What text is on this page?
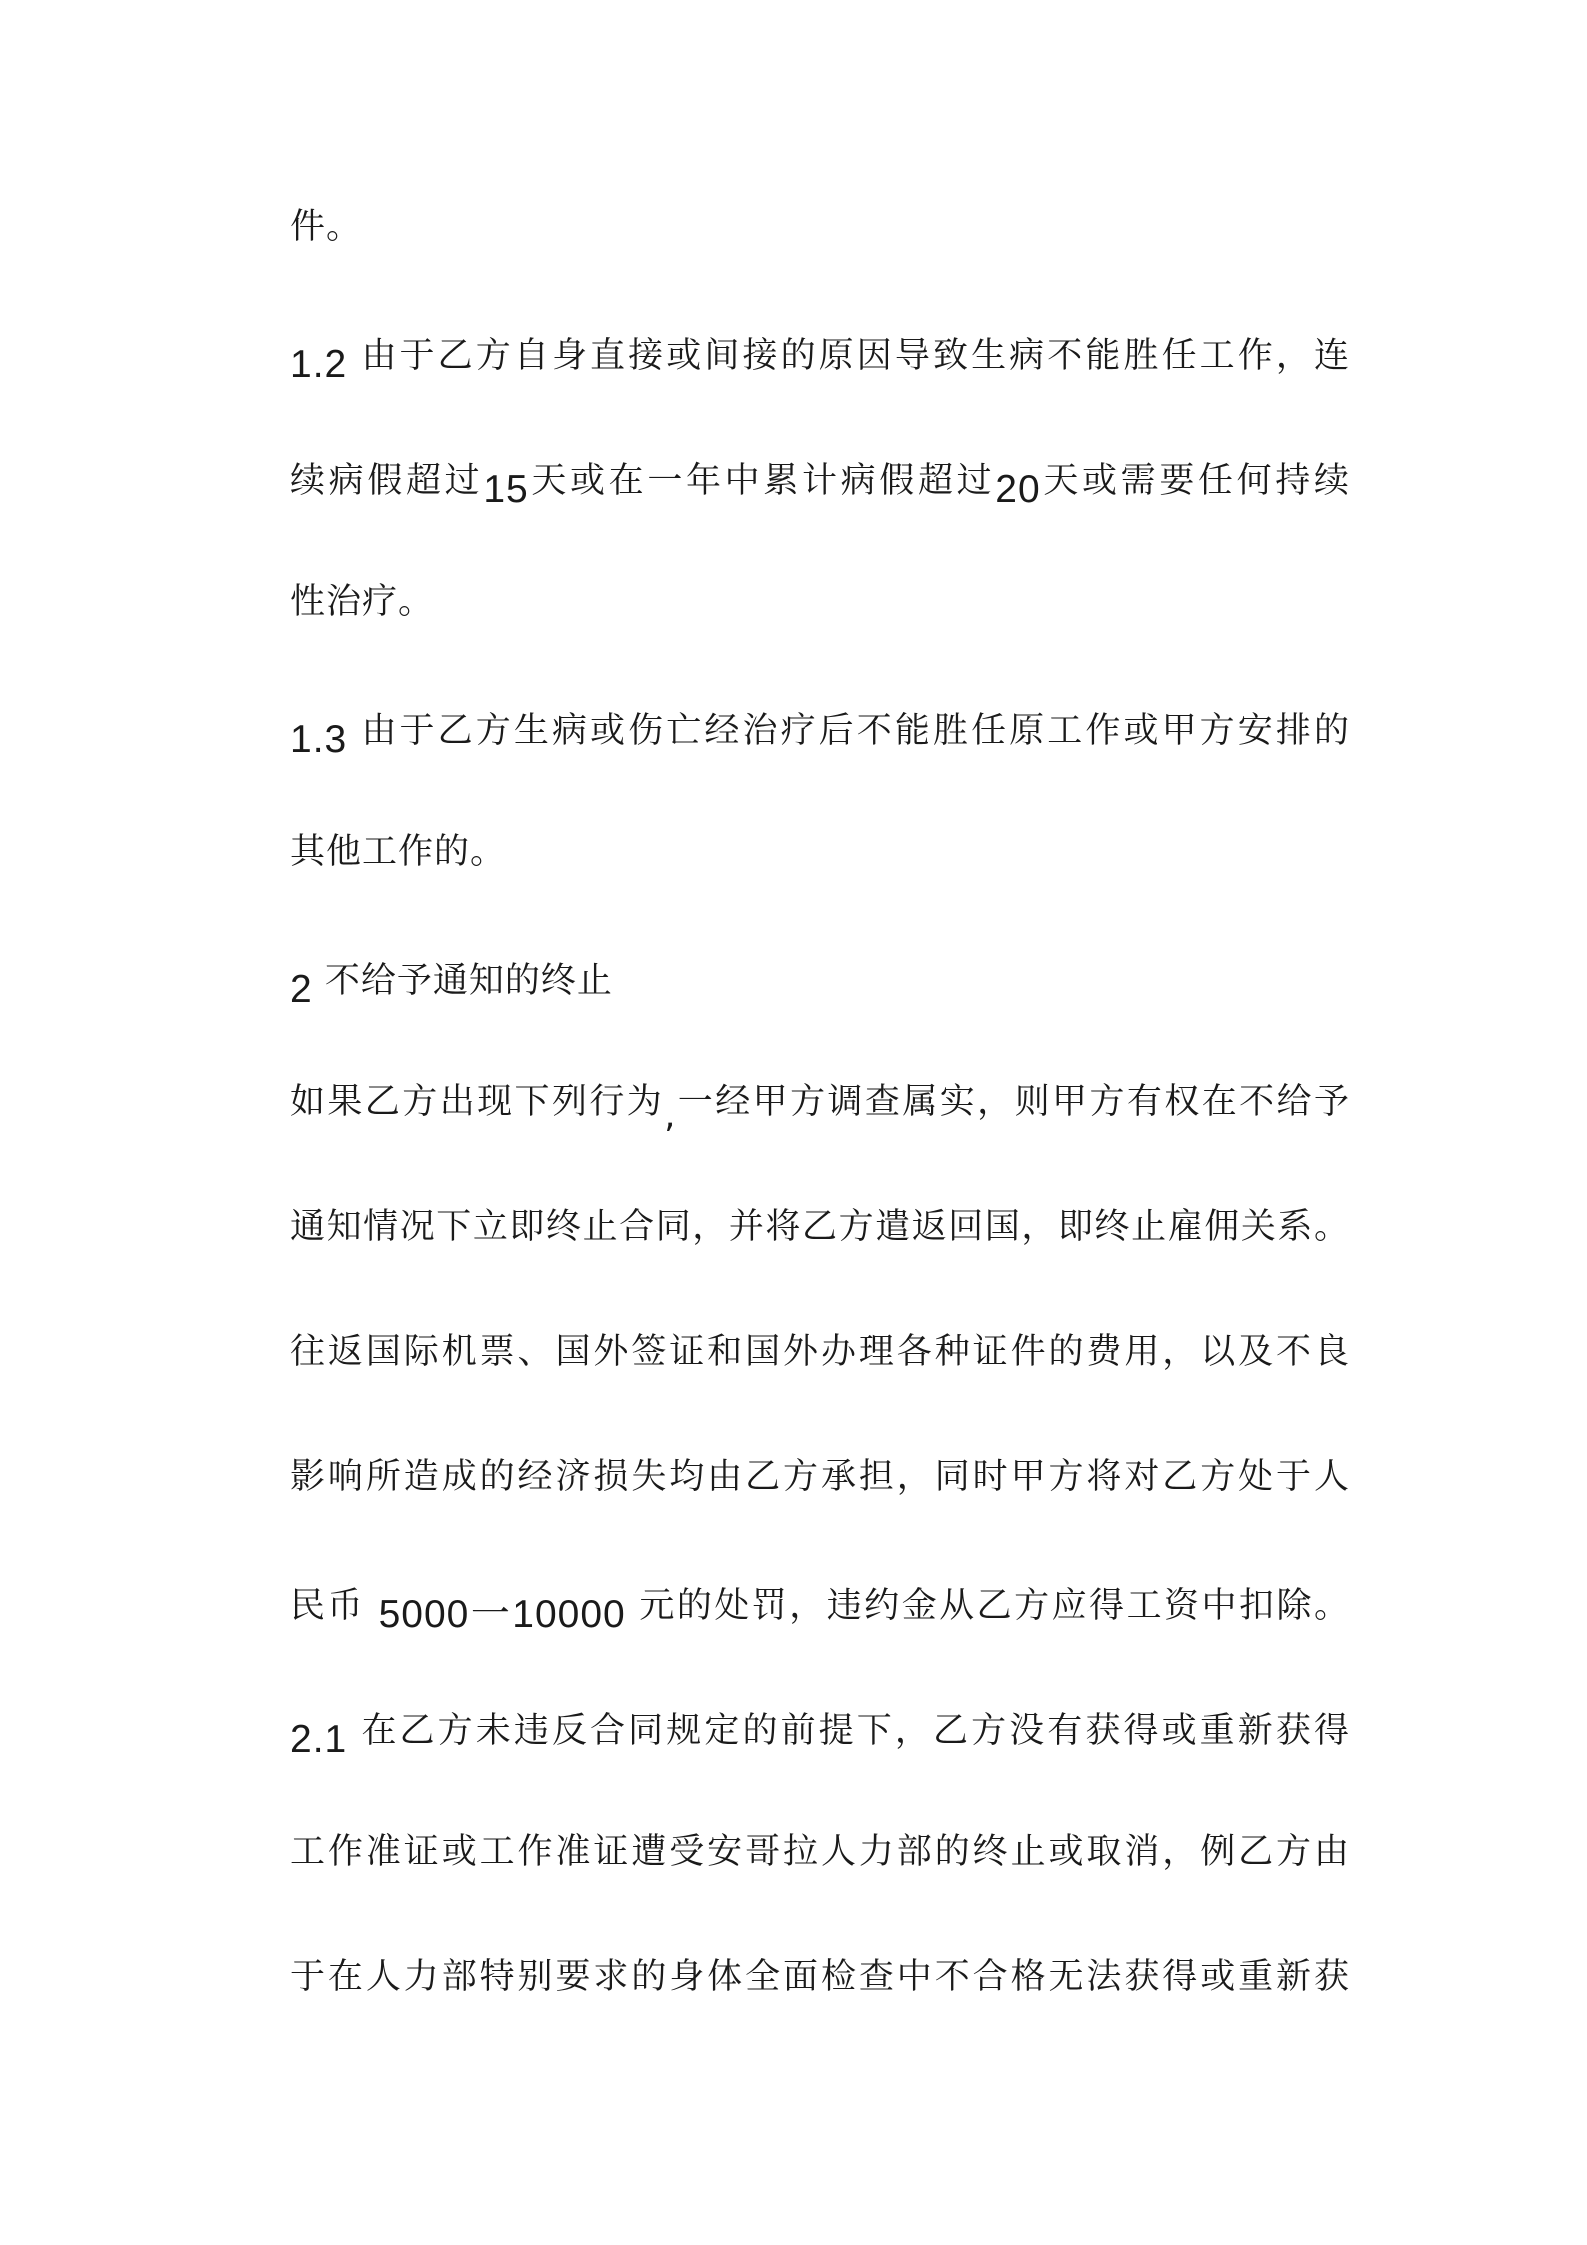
件。
1.2 由于乙方自身直接或间接的原因导致生病不能胜任工作，连
续病假超过15天或在一年中累计病假超过20天或需要任何持续
性治疗。
1.3 由于乙方生病或伤亡经治疗后不能胜任原工作或甲方安排的
其他工作的。
2 不给予通知的终止
如果乙方出现下列行为,一经甲方调查属实，则甲方有权在不给予
通知情况下立即终止合同，并将乙方遣返回国，即终止雇佣关系。
往返国际机票、国外签证和国外办理各种证件的费用，以及不良
影响所造成的经济损失均由乙方承担，同时甲方将对乙方处于人
民币 5000一10000 元的处罚，违约金从乙方应得工资中扣除。
2.1 在乙方未违反合同规定的前提下，乙方没有获得或重新获得
工作准证或工作准证遭受安哥拉人力部的终止或取消，例乙方由
于在人力部特别要求的身体全面检查中不合格无法获得或重新获
